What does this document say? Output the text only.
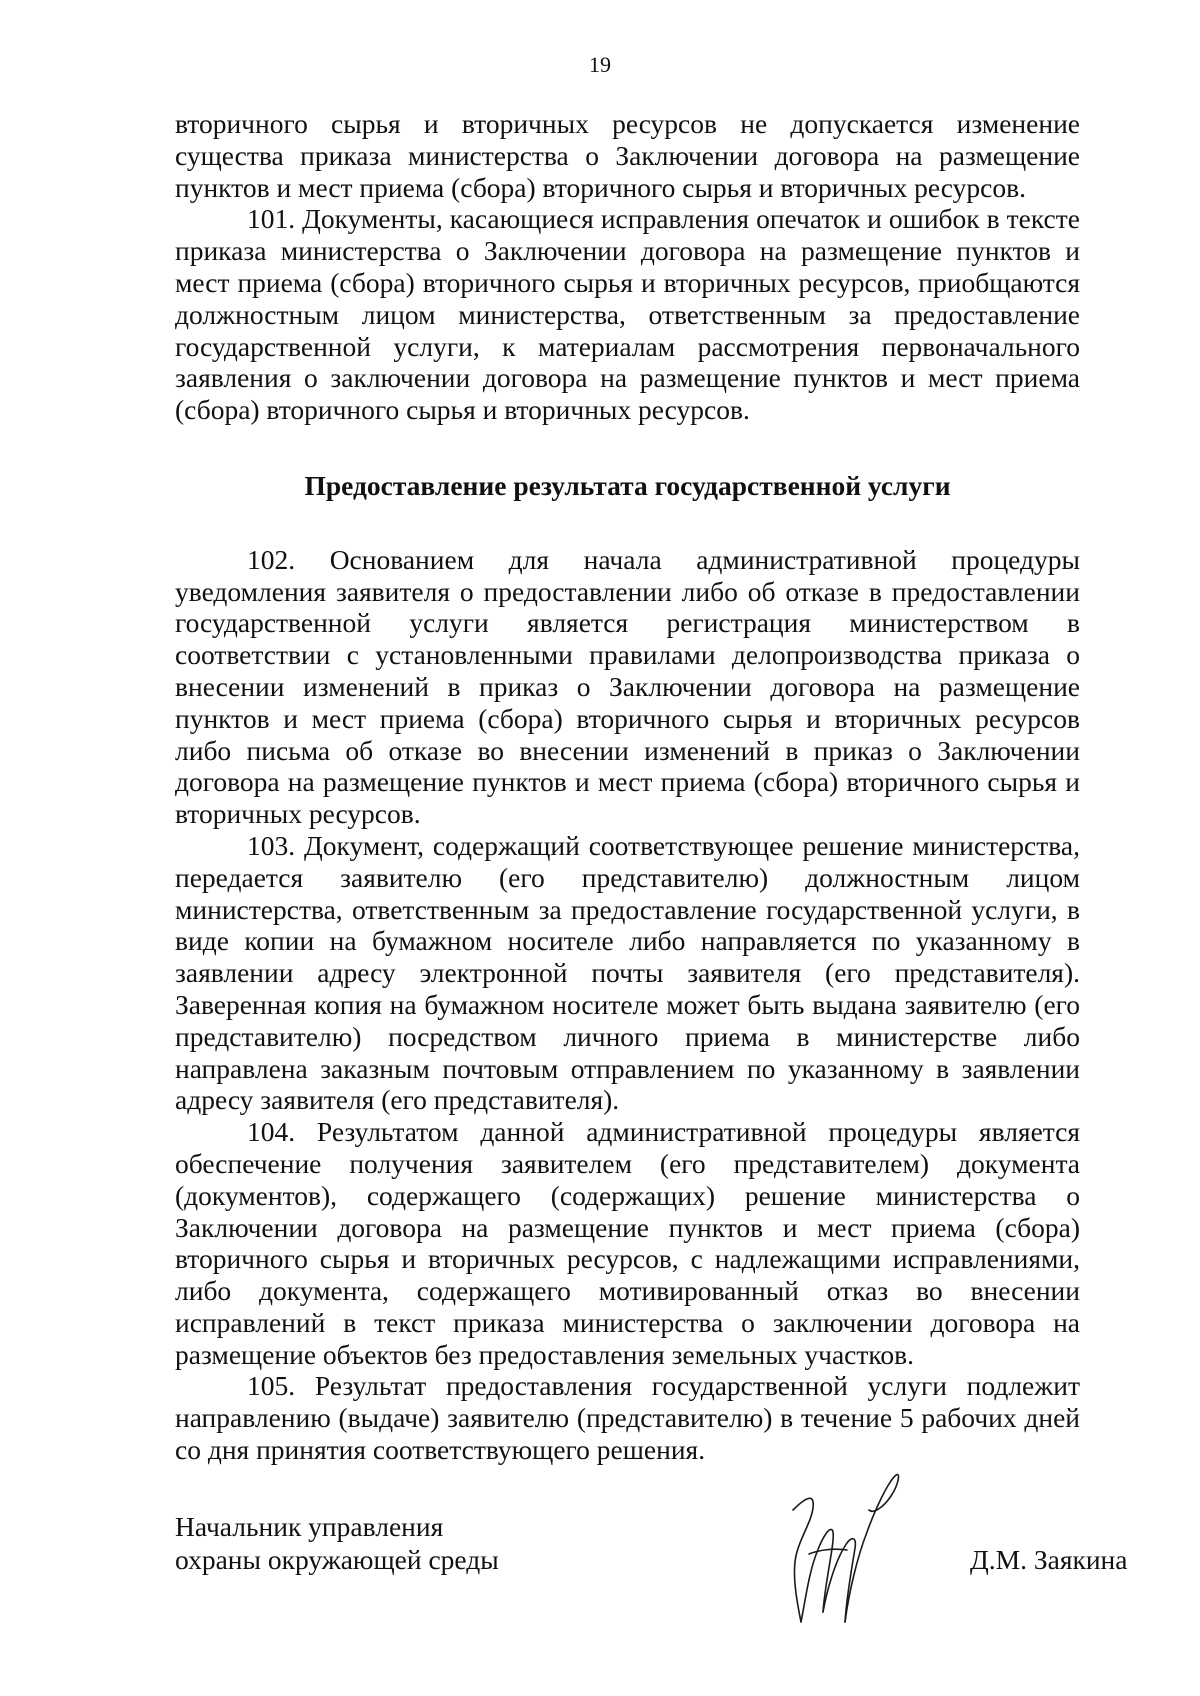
19

вторичного сырья и вторичных ресурсов не допускается изменение существа приказа министерства о Заключении договора на размещение пунктов и мест приема (сбора) вторичного сырья и вторичных ресурсов.

101. Документы, касающиеся исправления опечаток и ошибок в тексте приказа министерства о Заключении договора на размещение пунктов и мест приема (сбора) вторичного сырья и вторичных ресурсов, приобщаются должностным лицом министерства, ответственным за предоставление государственной услуги, к материалам рассмотрения первоначального заявления о заключении договора на размещение пунктов и мест приема (сбора) вторичного сырья и вторичных ресурсов.

Предоставление результата государственной услуги

102. Основанием для начала административной процедуры уведомления заявителя о предоставлении либо об отказе в предоставлении государственной услуги является регистрация министерством в соответствии с установленными правилами делопроизводства приказа о внесении изменений в приказ о Заключении договора на размещение пунктов и мест приема (сбора) вторичного сырья и вторичных ресурсов либо письма об отказе во внесении изменений в приказ о Заключении договора на размещение пунктов и мест приема (сбора) вторичного сырья и вторичных ресурсов.

103. Документ, содержащий соответствующее решение министерства, передается заявителю (его представителю) должностным лицом министерства, ответственным за предоставление государственной услуги, в виде копии на бумажном носителе либо направляется по указанному в заявлении адресу электронной почты заявителя (его представителя). Заверенная копия на бумажном носителе может быть выдана заявителю (его представителю) посредством личного приема в министерстве либо направлена заказным почтовым отправлением по указанному в заявлении адресу заявителя (его представителя).

104. Результатом данной административной процедуры является обеспечение получения заявителем (его представителем) документа (документов), содержащего (содержащих) решение министерства о Заключении договора на размещение пунктов и мест приема (сбора) вторичного сырья и вторичных ресурсов, с надлежащими исправлениями, либо документа, содержащего мотивированный отказ во внесении исправлений в текст приказа министерства о заключении договора на размещение объектов без предоставления земельных участков.

105. Результат предоставления государственной услуги подлежит направлению (выдаче) заявителю (представителю) в течение 5 рабочих дней со дня принятия соответствующего решения.

Начальник управления
охраны окружающей среды	Д.М. Заякина
